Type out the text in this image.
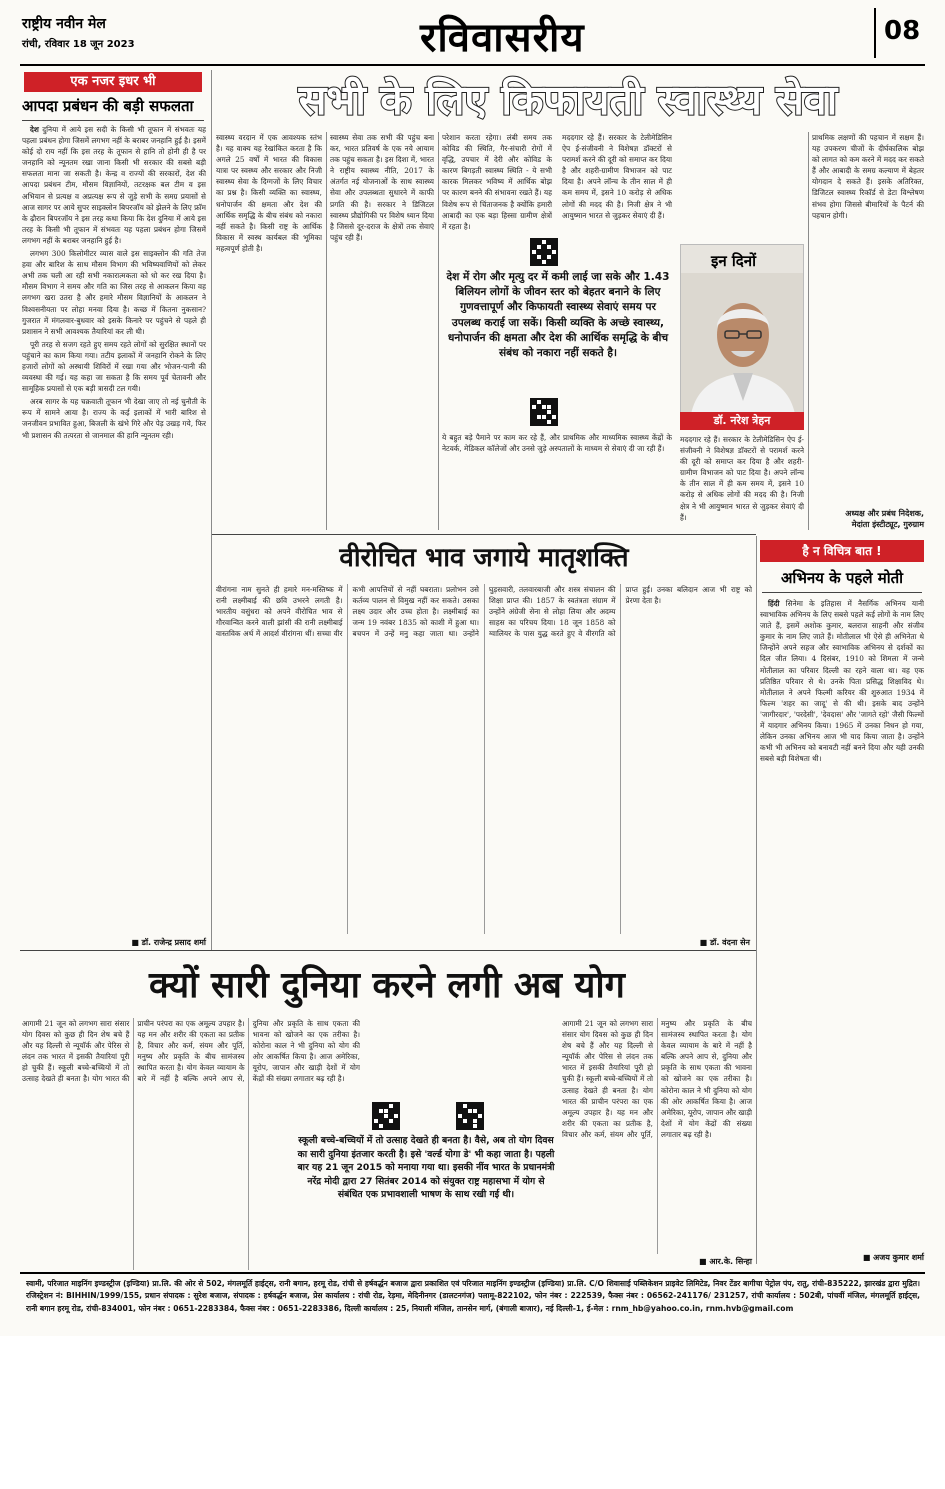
राष्ट्रीय नवीन मेल
रांची, रविवार 18 जून 2023	रविवासरीय	08
एक नजर इधर भी
आपदा प्रबंधन की बड़ी सफलता

देश दुनिया में आये इस सदी के किसी भी तूफान में संभवतः यह पहला प्रबंधन होगा जिसमें लगभग नहीं के बराबर जनहानि हुई है। इसमें कोई दो राय नहीं कि इस तरह के तूफान से हानि तो होनी ही है पर जनहानि को न्यूनतम रखा जाना किसी भी सरकार की सबसे बड़ी सफलता माना जा सकती है। केन्द्र व राज्यों की सरकारों, देश की आपदा प्रबंधन टीम, मौसम विज्ञानियों, तटरक्षक बल टीम व इस अभियान से प्रत्यक्ष व अप्रत्यक्ष रूप से जुड़े सभी के समग्र प्रयासों से आज सागर पर आये सुपर साइक्लोन बिपरजॉय को झेलने के लिए फ्रॉम के ढ़ौरान बिपरजॉय ने इस तरह कथा किया कि देश दुनिया में आये इस तरह के किसी भी तूफान में संभवतः यह पहला प्रबंधन होगा जिसमें लगभग नहीं के बराबर जनहानि हुई है।

लगभग 300 किलोमीटर व्यास वाले इस साइक्लोन की गति तेज हवा और बारिश के साथ मौसम विभाग की भविष्यवाणियों को लेकर अभी तक चली आ रही सभी नकारात्मकता को धो कर रख दिया है। मौसम विभाग ने समय और गति का जिस तरह से आकलन किया वह लगभग खरा उतरा है और हमारे मौसम विज्ञानियों के आकलन ने विश्वसनीयता पर लोहा मनवा दिया है। कच्छ में कितना नुकसान? गुजरात में मंगलवार-बुधवार को इसके किनारे पर पहुंचने से पहले ही प्रशासन ने सभी आवश्यक तैयारियां कर ली थी।

पूरी तरह से सजग रहते हुए समय रहते लोगों को सुरक्षित स्थानों पर पहुंचाने का काम किया गया। तटीय इलाकों में जनहानि रोकने के लिए हजारों लोगों को अस्थायी शिविरों में रखा गया और भोजन-पानी की व्यवस्था की गई। यह कहा जा सकता है कि समय पूर्व चेतावनी और सामूहिक प्रयासों से एक बड़ी त्रासदी टल गयी।

अरब सागर के यह चक्रवाती तूफान भी देखा जाए तो नई चुनौती के रूप में सामने आया है। राज्य के कई इलाकों में भारी बारिश से जनजीवन प्रभावित हुआ, बिजली के खंभे गिरे और पेड़ उखड़ गये, फिर भी प्रशासन की तत्परता से जानमाल की हानि न्यूनतम रही।

■ डॉ. राजेन्द्र प्रसाद शर्मा
सभी के लिए किफायती स्वास्थ्य सेवा
स्वास्थ्य वरदान में एक आवश्यक स्तंभ है। यह वाक्य यह रेखांकित करता है कि अगले 25 वर्षों में भारत की विकास यात्रा पर स्वस्थ्य और सरकार और निजी स्वास्थ्य सेवा के दिग्गजों के लिए विचार का प्रश्न है। किसी व्यक्ति का स्वास्थ्य, धनोपार्जन की क्षमता और देश की आर्थिक समृद्धि के बीच संबंध को नकारा नहीं सकते है। किसी राष्ट्र के आर्थिक विकास में स्वस्थ कार्यबल की भूमिका महत्वपूर्ण होती है।
स्वास्थ्य सेवा तक सभी की पहुंच बना कर, भारत प्रतिवर्ष के एक नये आयाम तक पहुंच सकता है। इस दिशा में, भारत ने राष्ट्रीय स्वास्थ्य नीति, 2017 के अंतर्गत नई योजनाओं के साथ स्वास्थ्य सेवा और उपलब्धता सुधारने में काफी प्रगति की है। सरकार ने डिजिटल स्वास्थ्य प्रौद्योगिकी पर विशेष ध्यान दिया है जिससे दूर-दराज के क्षेत्रों तक सेवाएं पहुंच रही हैं।
परेशान करता रहेगा। लंबी समय तक कोविड की स्थिति, गैर-संचारी रोगों में वृद्धि, उपचार में देरी और कोविड के कारण बिगड़ती स्वास्थ्य स्थिति - ये सभी कारक मिलकर भविष्य में आर्थिक बोझ पर कारण बनने की संभावना रखते हैं। यह विशेष रूप से चिंताजनक है क्योंकि हमारी आबादी का एक बड़ा हिस्सा ग्रामीण क्षेत्रों में रहता है।
मददगार रहे हैं। सरकार के टेलीमेडिसिन ऐप ई-संजीवनी ने विशेषज्ञ डॉक्टरों से परामर्श करने की दूरी को समाप्त कर दिया है और शहरी-ग्रामीण विभाजन को पाट दिया है। अपने लॉन्च के तीन साल में ही कम समय में, इसने 10 करोड़ से अधिक लोगों की मदद की है। निजी क्षेत्र ने भी आयुष्मान भारत से जुड़कर सेवाएं दी हैं।
देश में रोग और मृत्यु दर में कमी लाई जा सके और 1.43 बिलियन लोगों के जीवन स्तर को बेहतर बनाने के लिए गुणवत्तापूर्ण और किफायती स्वास्थ्य सेवाएं समय पर उपलब्ध कराई जा सकें। किसी व्यक्ति के अच्छे स्वास्थ्य, धनोपार्जन की क्षमता और देश की आर्थिक समृद्धि के बीच संबंध को नकारा नहीं सकते है।
ये बहुत बड़े पैमाने पर काम कर रहे हैं, और प्राथमिक और माध्यमिक स्वास्थ्य केंद्रों के नेटवर्क, मेडिकल कॉलेजों और उनसे जुड़े अस्पतालों के माध्यम से सेवाएं दी जा रही हैं।
इन दिनों
डॉ. नरेश त्रेहन
मददगार रहे हैं। सरकार के टेलीमेडिसिन ऐप ई-संजीवनी ने विशेषज्ञ डॉक्टरों से परामर्श करने की दूरी को समाप्त कर दिया है और शहरी-ग्रामीण विभाजन को पाट दिया है। अपने लॉन्च के तीन साल में ही कम समय में, इसने 10 करोड़ से अधिक लोगों की मदद की है। निजी क्षेत्र ने भी आयुष्मान भारत से जुड़कर सेवाएं दी हैं।
प्राथमिक लक्षणों की पहचान में सक्षम हैं। यह उपकरण चीजों के दीर्घकालिक बोझ को लागत को कम करने में मदद कर सकते हैं और आबादी के समग्र कल्याण में बेहतर योगदान दे सकते हैं। इसके अतिरिक्त, डिजिटल स्वास्थ्य रिकॉर्ड से डेटा विश्लेषण संभव होगा जिससे बीमारियों के पैटर्न की पहचान होगी।
अध्यक्ष और प्रबंध निदेशक,
मेदांता इंस्टीट्यूट, गुरुग्राम
वीरोचित भाव जगाये मातृशक्ति
वीरांगना नाम सुनते ही हमारे मन-मस्तिष्क में रानी लक्ष्मीबाई की छवि उभरने लगती है। भारतीय वसुंधरा को अपने वीरोचित भाव से गौरवान्वित करने वाली झांसी की रानी लक्ष्मीबाई वास्तविक अर्थ में आदर्श वीरांगना थीं। सच्चा वीर कभी आपत्तियों से नहीं घबराता। प्रलोभन उसे कर्तव्य पालन से विमुख नहीं कर सकते। उसका लक्ष्य उदार और उच्च होता है। लक्ष्मीबाई का जन्म 19 नवंबर 1835 को काशी में हुआ था। बचपन में उन्हें मनु कहा जाता था। उन्होंने घुड़सवारी, तलवारबाजी और शस्त्र संचालन की शिक्षा प्राप्त की। 1857 के स्वतंत्रता संग्राम में उन्होंने अंग्रेजी सेना से लोहा लिया और अदम्य साहस का परिचय दिया। 18 जून 1858 को ग्वालियर के पास युद्ध करते हुए वे वीरगति को प्राप्त हुईं। उनका बलिदान आज भी राष्ट्र को प्रेरणा देता है।
■ डॉ. वंदना सेन
है न विचित्र बात !
अभिनय के पहले मोती

हिंदी सिनेमा के इतिहास में नैसर्गिक अभिनय यानी स्वाभाविक अभिनय के लिए सबसे पहले कई लोगों के नाम लिए जाते हैं, इसमें अशोक कुमार, बलराज साहनी और संजीव कुमार के नाम लिए जाते हैं। मोतीलाल भी ऐसे ही अभिनेता थे जिन्होंने अपने सहज और स्वाभाविक अभिनय से दर्शकों का दिल जीत लिया। 4 दिसंबर, 1910 को शिमला में जन्मे मोतीलाल का परिवार दिल्ली का रहने वाला था। वह एक प्रतिष्ठित परिवार से थे। उनके पिता प्रसिद्ध शिक्षाविद थे। मोतीलाल ने अपने फिल्मी करियर की शुरुआत 1934 में फिल्म 'शहर का जादू' से की थी। इसके बाद उन्होंने 'जागीरदार', 'परदेसी', 'देवदास' और 'जागते रहो' जैसी फिल्मों में यादगार अभिनय किया। 1965 में उनका निधन हो गया, लेकिन उनका अभिनय आज भी याद किया जाता है। उन्होंने कभी भी अभिनय को बनावटी नहीं बनने दिया और यही उनकी सबसे बड़ी विशेषता थी।

■ अजय कुमार शर्मा
क्यों सारी दुनिया करने लगी अब योग
आगामी 21 जून को लगभग सारा संसार योग दिवस को कुछ ही दिन शेष बचे हैं और यह दिल्ली से न्यूयॉर्क और पेरिस से लंदन तक भारत में इसकी तैयारियां पूरी हो चुकी हैं। स्कूली बच्चे-बच्चियों में तो उत्साह देखते ही बनता है। योग भारत की प्राचीन परंपरा का एक अमूल्य उपहार है। यह मन और शरीर की एकता का प्रतीक है, विचार और कर्म, संयम और पूर्ति, मनुष्य और प्रकृति के बीच सामंजस्य स्थापित करता है। योग केवल व्यायाम के बारे में नहीं है बल्कि अपने आप से, दुनिया और प्रकृति के साथ एकता की भावना को खोजने का एक तरीका है। कोरोना काल ने भी दुनिया को योग की ओर आकर्षित किया है। आज अमेरिका, यूरोप, जापान और खाड़ी देशों में योग केंद्रों की संख्या लगातार बढ़ रही है।
स्कूली बच्चे-बच्चियों में तो उत्साह देखते ही बनता है। वैसे, अब तो योग दिवस का सारी दुनिया इंतजार करती है। इसे 'वर्ल्ड योगा डे' भी कहा जाता है। पहली बार यह 21 जून 2015 को मनाया गया था। इसकी नींव भारत के प्रधानमंत्री नरेंद्र मोदी द्वारा 27 सितंबर 2014 को संयुक्त राष्ट्र महासभा में योग से संबंधित एक प्रभावशाली भाषण के साथ रखी गई थी।
आगामी 21 जून को लगभग सारा संसार योग दिवस को कुछ ही दिन शेष बचे हैं और यह दिल्ली से न्यूयॉर्क और पेरिस से लंदन तक भारत में इसकी तैयारियां पूरी हो चुकी हैं। स्कूली बच्चे-बच्चियों में तो उत्साह देखते ही बनता है। योग भारत की प्राचीन परंपरा का एक अमूल्य उपहार है। यह मन और शरीर की एकता का प्रतीक है, विचार और कर्म, संयम और पूर्ति, मनुष्य और प्रकृति के बीच सामंजस्य स्थापित करता है। योग केवल व्यायाम के बारे में नहीं है बल्कि अपने आप से, दुनिया और प्रकृति के साथ एकता की भावना को खोजने का एक तरीका है। कोरोना काल ने भी दुनिया को योग की ओर आकर्षित किया है। आज अमेरिका, यूरोप, जापान और खाड़ी देशों में योग केंद्रों की संख्या लगातार बढ़ रही है।
■ आर.के. सिन्हा
स्वामी, परिजात माइनिंग इण्डस्ट्रीज (इण्डिया) प्रा.लि. की ओर से 502, मंगलमूर्ति हाईट्स, रानी बगान, हरमू रोड, रांची से हर्षवर्द्धन बजाज द्वारा प्रकाशित एवं परिजात माइनिंग इण्डस्ट्रीज (इण्डिया) प्रा.लि. C/O शिवासाई पब्लिकेशन प्राइवेट लिमिटेड, निवर टेंडर बागीचा पेट्रोल पंप, रातु, रांची-835222, झारखंड द्वारा मुद्रित। रजिस्ट्रेशन नं: BIHHIN/1999/155, प्रधान संपादक : सुरेश बजाज, संपादक : हर्षवर्द्धन बजाज, प्रेस कार्यालय : रांची रोड, रेड़मा, मेदिनीनगर (डालटनगंज) पलामू-822102, फोन नंबर : 222539, फैक्स नंबर : 06562-241176/ 231257, रांची कार्यालय : 502बी, पांचवीं मंजिल, मंगलमूर्ति हाईट्स, रानी बगान हरमू रोड, रांची-834001, फोन नंबर : 0651-2283384, फैक्स नंबर : 0651-2283386, दिल्ली कार्यालय : 25, नियाली मंजिल, तानसेन मार्ग, (बंगाली बाजार), नई दिल्ली-1, ई-मेल : rnm_hb@yahoo.co.in, rnm.hvb@gmail.com
